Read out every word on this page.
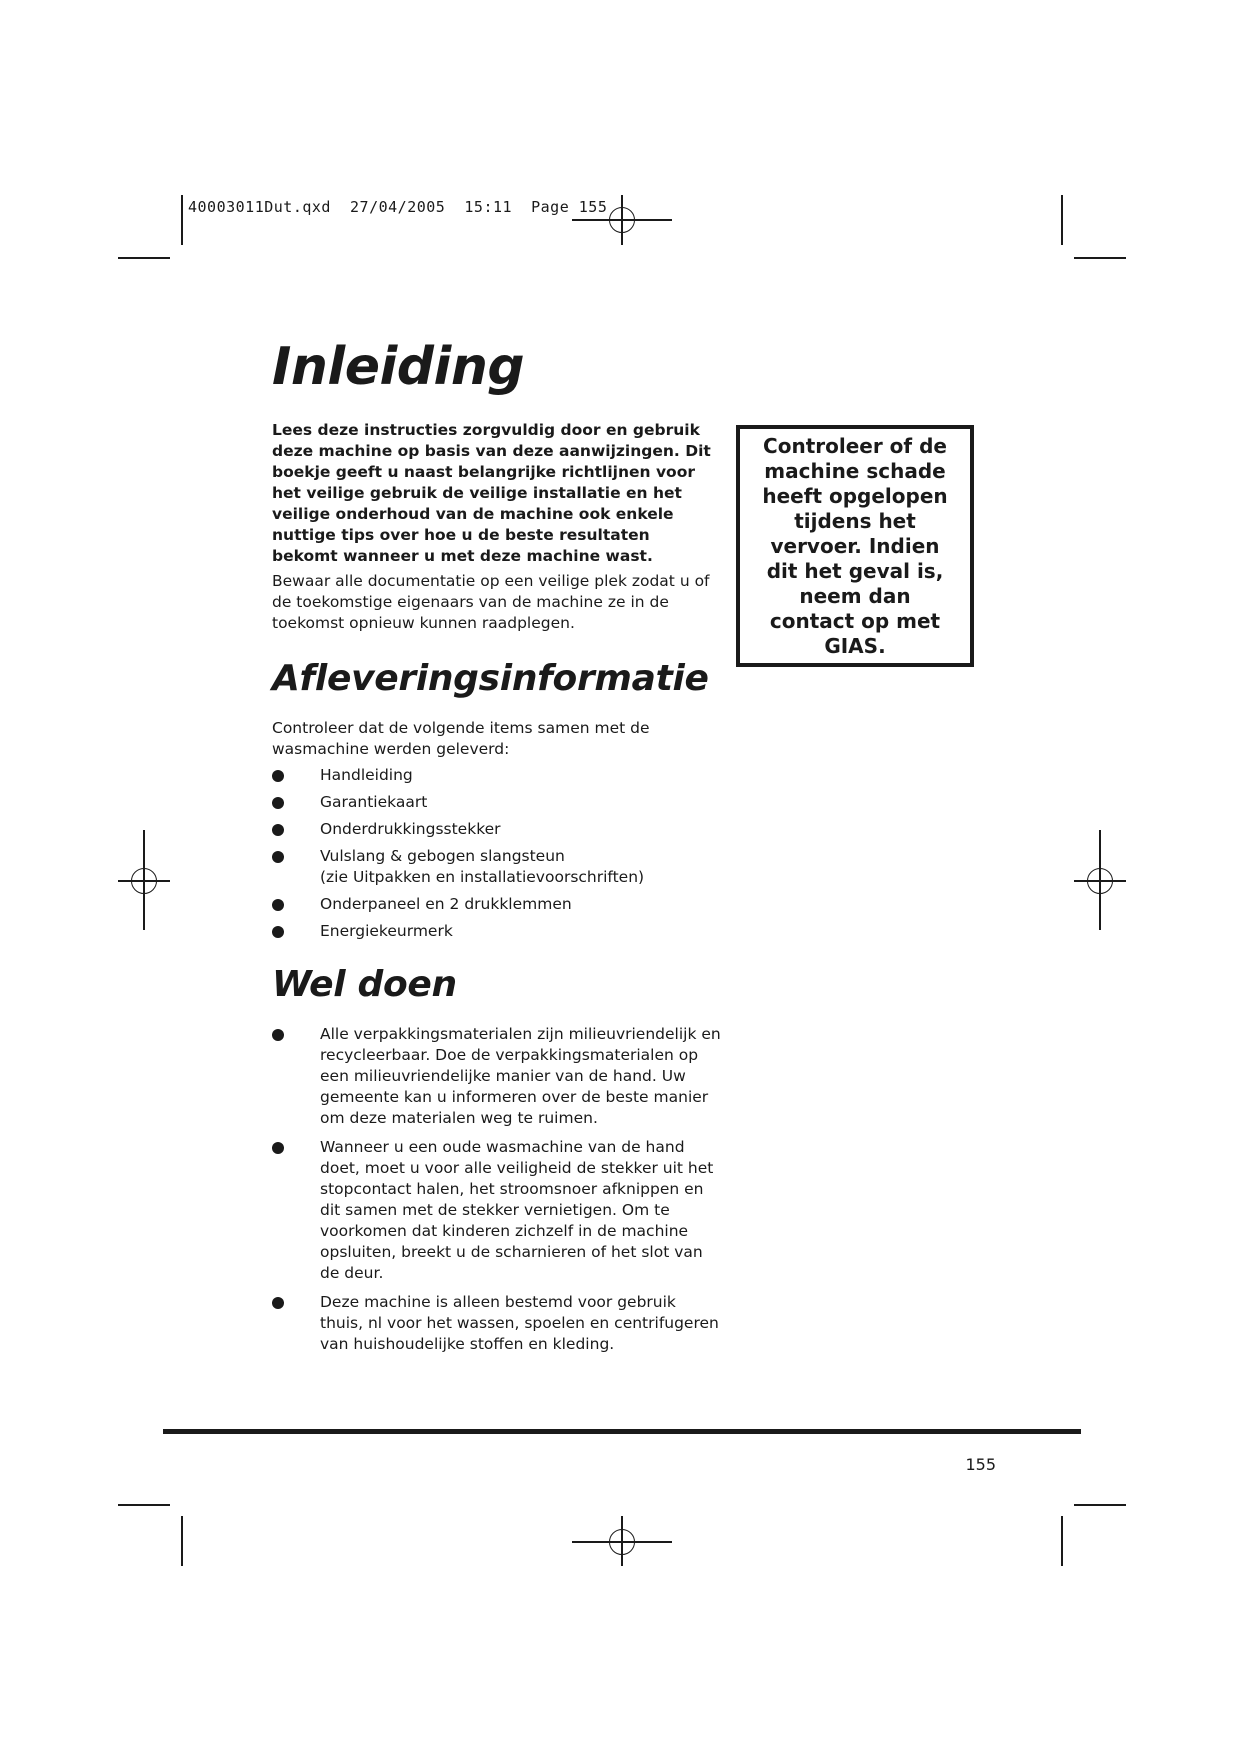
40003011Dut.qxd  27/04/2005  15:11  Page 155
Inleiding

Lees deze instructies zorgvuldig door en gebruik deze machine op basis van deze aanwijzingen. Dit boekje geeft u naast belangrijke richtlijnen voor het veilige gebruik de veilige installatie en het veilige onderhoud van de machine ook enkele nuttige tips over hoe u de beste resultaten bekomt wanneer u met deze machine wast.

Bewaar alle documentatie op een veilige plek zodat u of de toekomstige eigenaars van de machine ze in de toekomst opnieuw kunnen raadplegen.

Controleer of de machine schade heeft opgelopen tijdens het vervoer. Indien dit het geval is, neem dan contact op met GIAS.
Afleveringsinformatie

Controleer dat de volgende items samen met de wasmachine werden geleverd:

Handleiding
Garantiekaart
Onderdrukkingsstekker
Vulslang & gebogen slangsteun
(zie Uitpakken en installatievoorschriften)
Onderpaneel en 2 drukklemmen
Energiekeurmerk
Wel doen
Alle verpakkingsmaterialen zijn milieuvriendelijk en recycleerbaar. Doe de verpakkingsmaterialen op een milieuvriendelijke manier van de hand. Uw gemeente kan u informeren over de beste manier om deze materialen weg te ruimen.
Wanneer u een oude wasmachine van de hand doet, moet u voor alle veiligheid de stekker uit het stopcontact halen, het stroomsnoer afknippen en dit samen met de stekker vernietigen. Om te voorkomen dat kinderen zichzelf in de machine opsluiten, breekt u de scharnieren of het slot van de deur.
Deze machine is alleen bestemd voor gebruik thuis, nl voor het wassen, spoelen en centrifugeren van huishoudelijke stoffen en kleding.
155
